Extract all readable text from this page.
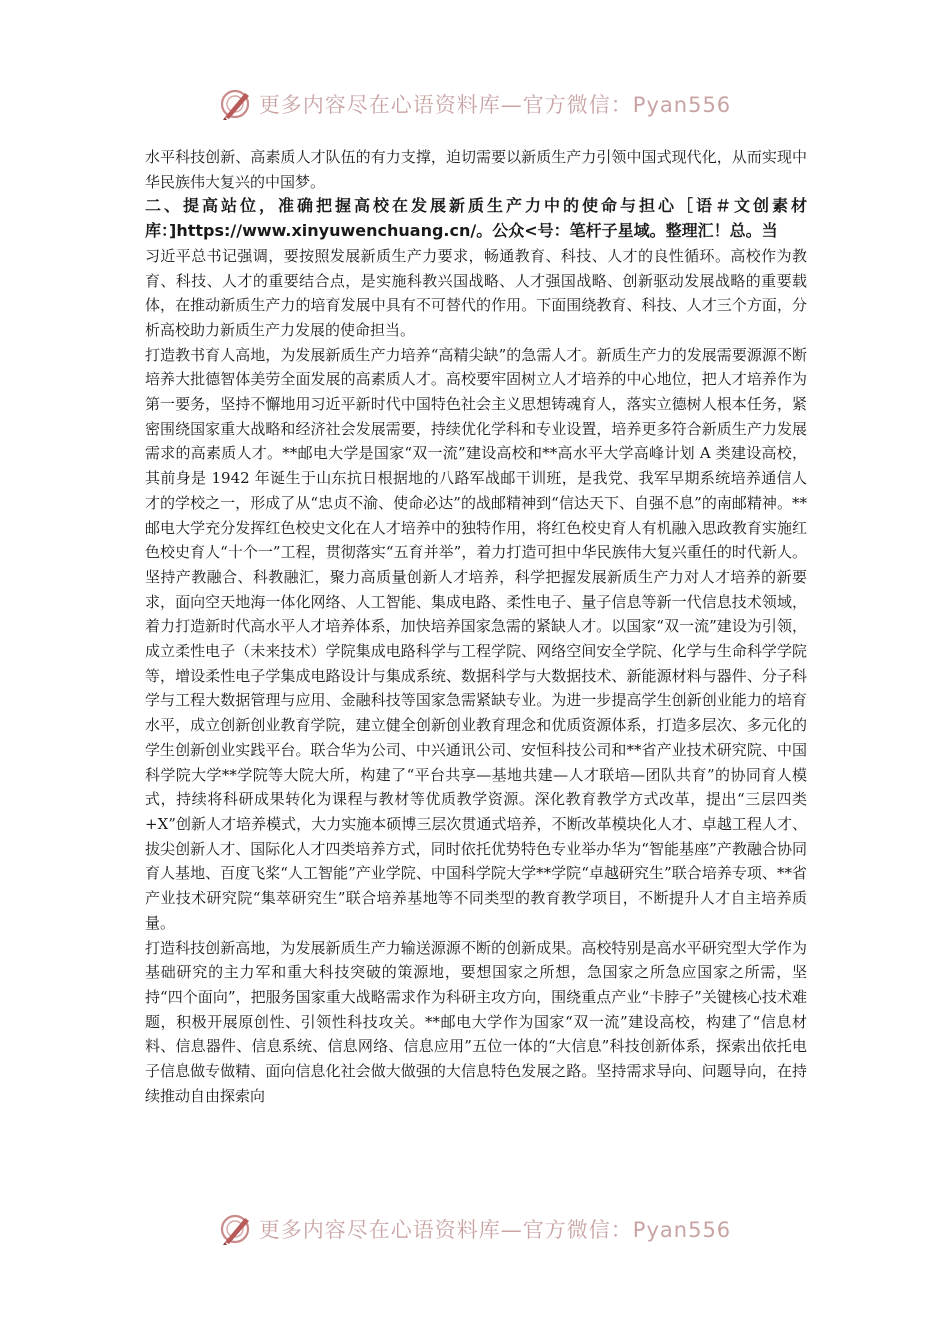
更多内容尽在心语资料库—官方微信：Pyan556

水平科技创新、高素质人才队伍的有力支撑，迫切需要以新质生产力引领中国式现代化，从而实现中华民族伟大复兴的中国梦。

二、提高站位，准确把握高校在发展新质生产力中的使命与担心［语＃文创素材库：]https://www.xinyuwenchuang.cn/。公众<号：笔杆子星域。整理汇！总。当

习近平总书记强调，要按照发展新质生产力要求，畅通教育、科技、人才的良性循环。高校作为教育、科技、人才的重要结合点，是实施科教兴国战略、人才强国战略、创新驱动发展战略的重要载体，在推动新质生产力的培育发展中具有不可替代的作用。下面围绕教育、科技、人才三个方面，分析高校助力新质生产力发展的使命担当。

打造教书育人高地，为发展新质生产力培养“高精尖缺”的急需人才。新质生产力的发展需要源源不断培养大批德智体美劳全面发展的高素质人才。高校要牢固树立人才培养的中心地位，把人才培养作为第一要务，坚持不懈地用习近平新时代中国特色社会主义思想铸魂育人，落实立德树人根本任务，紧密围绕国家重大战略和经济社会发展需要，持续优化学科和专业设置，培养更多符合新质生产力发展需求的高素质人才。**邮电大学是国家“双一流”建设高校和**高水平大学高峰计划 A 类建设高校，其前身是 1942 年诞生于山东抗日根据地的八路军战邮干训班，是我党、我军早期系统培养通信人才的学校之一，形成了从“忠贞不渝、使命必达”的战邮精神到“信达天下、自强不息”的南邮精神。**邮电大学充分发挥红色校史文化在人才培养中的独特作用，将红色校史育人有机融入思政教育实施红色校史育人“十个一”工程，贯彻落实“五育并举”，着力打造可担中华民族伟大复兴重任的时代新人。坚持产教融合、科教融汇，聚力高质量创新人才培养，科学把握发展新质生产力对人才培养的新要求，面向空天地海一体化网络、人工智能、集成电路、柔性电子、量子信息等新一代信息技术领域，着力打造新时代高水平人才培养体系，加快培养国家急需的紧缺人才。以国家“双一流”建设为引领，成立柔性电子（未来技术）学院集成电路科学与工程学院、网络空间安全学院、化学与生命科学学院等，增设柔性电子学集成电路设计与集成系统、数据科学与大数据技术、新能源材料与器件、分子科学与工程大数据管理与应用、金融科技等国家急需紧缺专业。为进一步提高学生创新创业能力的培育水平，成立创新创业教育学院，建立健全创新创业教育理念和优质资源体系，打造多层次、多元化的学生创新创业实践平台。联合华为公司、中兴通讯公司、安恒科技公司和**省产业技术研究院、中国科学院大学**学院等大院大所，构建了“平台共享—基地共建—人才联培—团队共育”的协同育人模式，持续将科研成果转化为课程与教材等优质教学资源。深化教育教学方式改革，提出“三层四类+X”创新人才培养模式，大力实施本硕博三层次贯通式培养，不断改革模块化人才、卓越工程人才、拔尖创新人才、国际化人才四类培养方式，同时依托优势特色专业举办华为“智能基座”产教融合协同育人基地、百度飞桨“人工智能”产业学院、中国科学院大学**学院“卓越研究生”联合培养专项、**省产业技术研究院“集萃研究生”联合培养基地等不同类型的教育教学项目，不断提升人才自主培养质量。

打造科技创新高地，为发展新质生产力输送源源不断的创新成果。高校特别是高水平研究型大学作为基础研究的主力军和重大科技突破的策源地，要想国家之所想，急国家之所急应国家之所需，坚持“四个面向”，把服务国家重大战略需求作为科研主攻方向，围绕重点产业“卡脖子”关键核心技术难题，积极开展原创性、引领性科技攻关。**邮电大学作为国家“双一流”建设高校，构建了“信息材料、信息器件、信息系统、信息网络、信息应用”五位一体的“大信息”科技创新体系，探索出依托电子信息做专做精、面向信息化社会做大做强的大信息特色发展之路。坚持需求导向、问题导向，在持续推动自由探索向

更多内容尽在心语资料库—官方微信：Pyan556
